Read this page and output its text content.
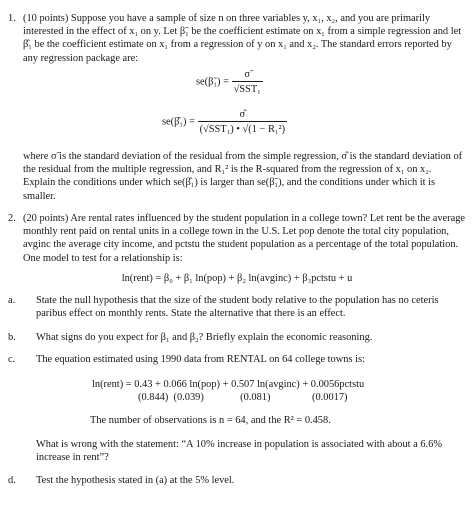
1. (10 points) Suppose you have a sample of size n on three variables y, x₁, x₂, and you are primarily interested in the effect of x₁ on y. Let β̃₁ be the coefficient estimate on x₁ from a simple regression and let β̂₁ be the coefficient estimate on x₁ from a regression of y on x₁ and x₂. The standard errors reported by any regression package are:
se(β̃₁) = $\frac{\sigmã}{\text{√SST₁}}$
se(β̂₁) = $\frac{\sigmâ}{\text{(√SST₁) • √(1 − R₁²)}}$
where σ̃ is the standard deviation of the residual from the simple regression, σ̂ is the standard deviation of the residual from the multiple regression, and R₁² is the R-squared from the regression of x₁ on x₂. Explain the conditions under which se(β̂₁) is larger than se(β̃₁), and the conditions under which it is smaller.
2. (20 points) Are rental rates influenced by the student population in a college town? Let rent be the average monthly rent paid on rental units in a college town in the U.S. Let pop denote the total city population, avginc the average city income, and pctstu the student population as a percentage of the total population. One model to test for a relationship is:
ln(rent) = β₀ + β₁ ln(pop) + β₂ ln(avginc) + β₃pctstu + u
a. State the null hypothesis that the size of the student body relative to the population has no ceteris paribus effect on monthly rents. State the alternative that there is an effect.
b. What signs do you expect for β₁ and β₂? Briefly explain the economic reasoning.
c. The equation estimated using 1990 data from RENTAL on 64 college towns is:
ln(rent) = 0.43 + 0.066 ln(pop) + 0.507 ln(avginc) + 0.0056pctstu
(0.844)  (0.039)              (0.081)                (0.0017)
The number of observations is n = 64, and the R² = 0.458.
What is wrong with the statement: “A 10% increase in population is associated with about a 6.6% increase in rent”?
d. Test the hypothesis stated in (a) at the 5% level.
